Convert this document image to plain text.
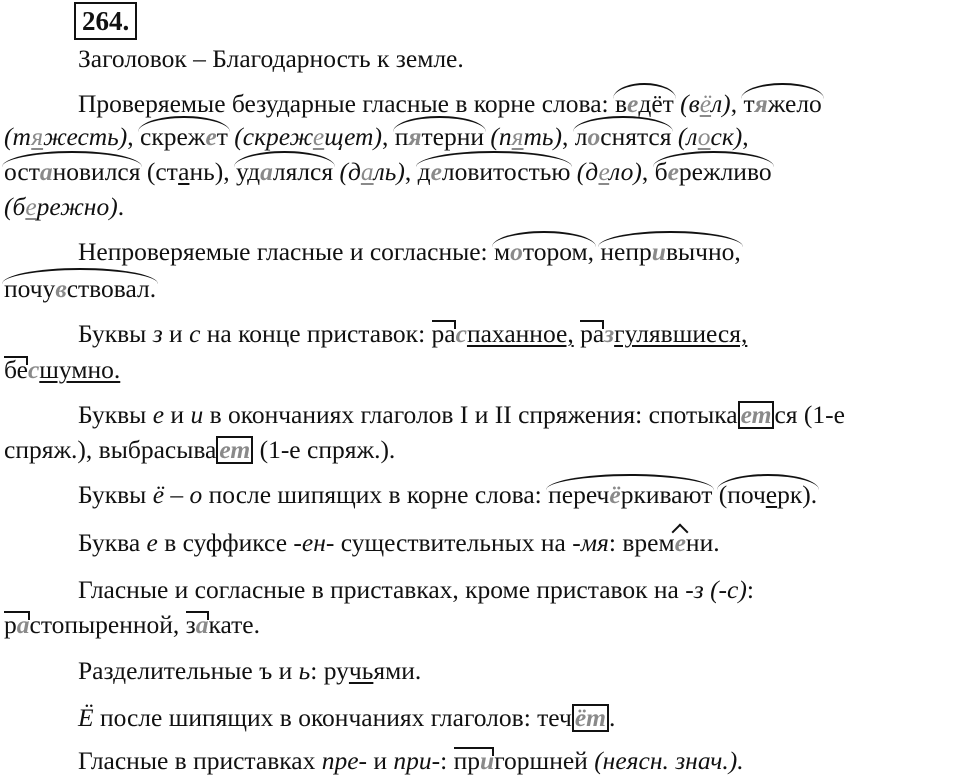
264.
Заголовок – Благодарность к земле.
Проверяемые безударные гласные в корне слова: ведёт (вёл), тяжело
(тяжесть), скрежет (скрежещет), пятерни (пять), лоснятся (лоск),
остановился (стань), удалялся (даль), деловитостью (дело), бережливо
(бережно).
Непроверяемые гласные и согласные: мотором, непривычно,
почувствовал.
Буквы з и с на конце приставок: распаханное, разгулявшиеся,
бесшумно.
Буквы е и и в окончаниях глаголов I и II спряжения: спотыка ет ся (1-е
спряж.), выбрасыва ет (1-е спряж.).
Буквы ё – о после шипящих в корне слова: перечёркивают (почерк).
Буква е в суффиксе -ен- существительных на -мя: времени.
Гласные и согласные в приставках, кроме приставок на -з (-с):
растопыренной, закате.
Разделительные ъ и ь: ручьями.
Ё после шипящих в окончаниях глаголов: теч ёт .
Гласные в приставках пре- и при-: пригоршней (неясн. знач.).
